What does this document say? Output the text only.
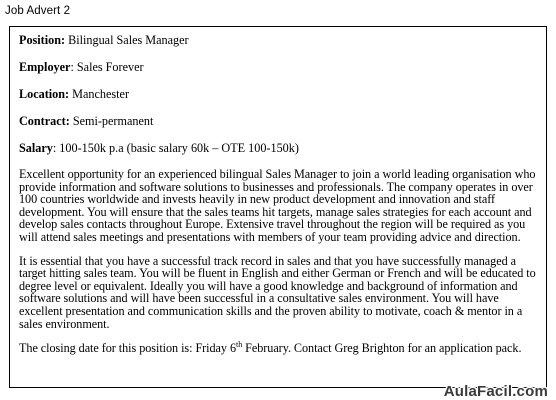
Job Advert 2
Position: Bilingual Sales Manager
Employer: Sales Forever
Location: Manchester
Contract: Semi-permanent
Salary: 100-150k p.a (basic salary 60k – OTE 100-150k)
Excellent opportunity for an experienced bilingual Sales Manager to join a world leading organisation who
provide information and software solutions to businesses and professionals. The company operates in over
100 countries worldwide and invests heavily in new product development and innovation and staff
development. You will ensure that the sales teams hit targets, manage sales strategies for each account and
develop sales contacts throughout Europe. Extensive travel throughout the region will be required as you
will attend sales meetings and presentations with members of your team providing advice and direction.
It is essential that you have a successful track record in sales and that you have successfully managed a
target hitting sales team. You will be fluent in English and either German or French and will be educated to
degree level or equivalent. Ideally you will have a good knowledge and background of information and
software solutions and will have been successful in a consultative sales environment. You will have
excellent presentation and communication skills and the proven ability to motivate, coach & mentor in a
sales environment.
The closing date for this position is: Friday 6th February. Contact Greg Brighton for an application pack.
AulaFacil.com
